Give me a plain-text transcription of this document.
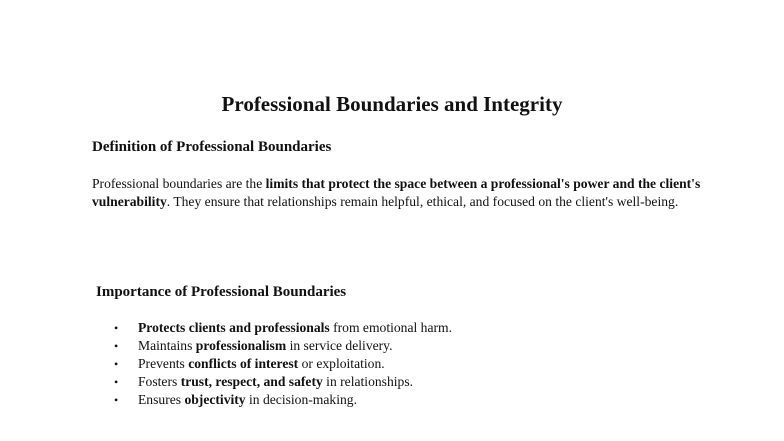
Professional Boundaries and Integrity
Definition of Professional Boundaries

Professional boundaries are the limits that protect the space between a professional's power and the client's vulnerability. They ensure that relationships remain helpful, ethical, and focused on the client's well-being.

Importance of Professional Boundaries
• Protects clients and professionals from emotional harm.
• Maintains professionalism in service delivery.
• Prevents conflicts of interest or exploitation.
• Fosters trust, respect, and safety in relationships.
• Ensures objectivity in decision-making.
